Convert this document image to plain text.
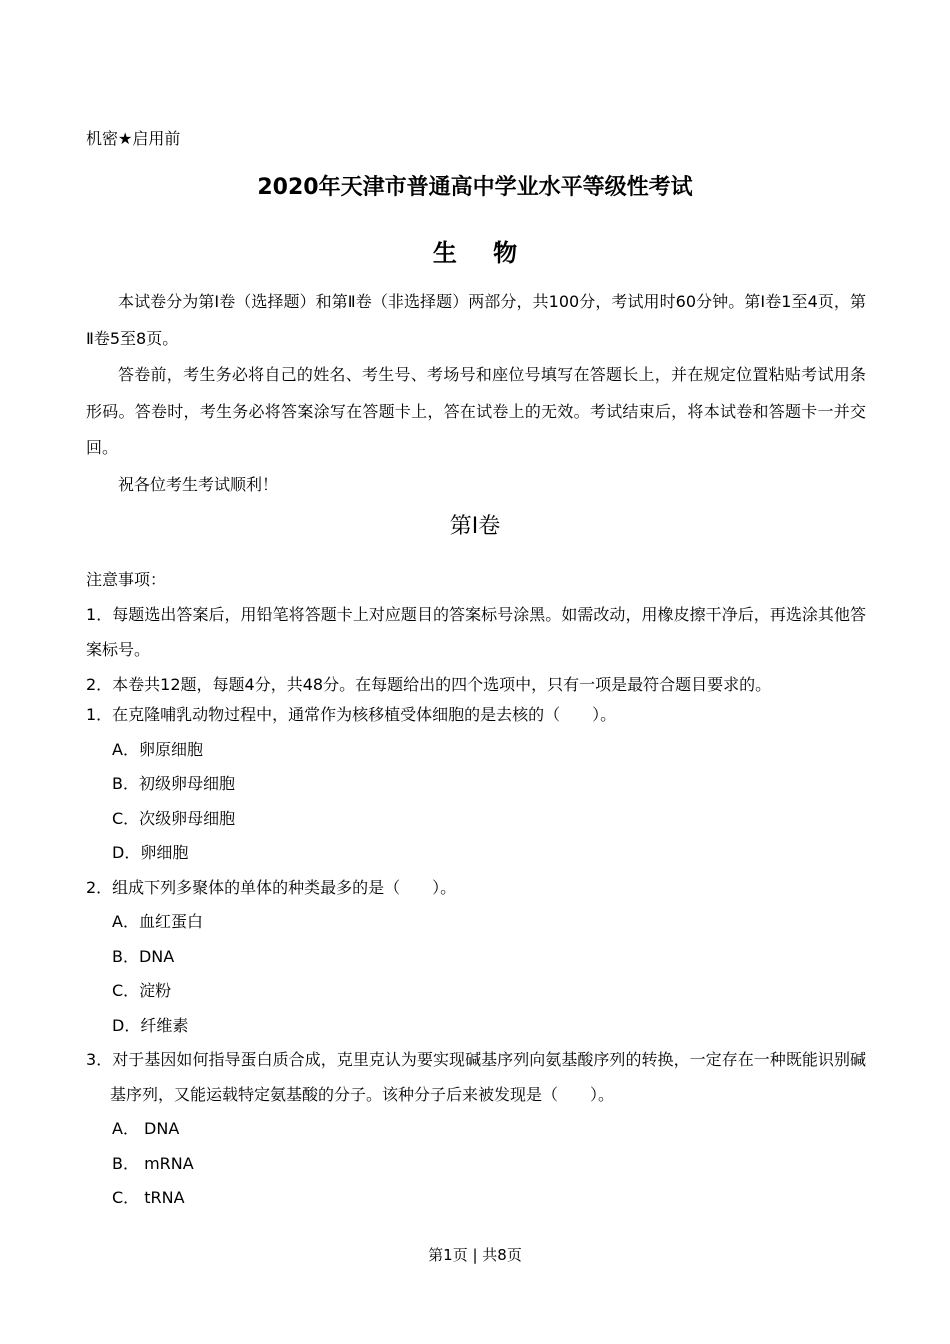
机密★启用前
2020年天津市普通高中学业水平等级性考试
生 物

本试卷分为第Ⅰ卷（选择题）和第Ⅱ卷（非选择题）两部分，共100分，考试用时60分钟。第Ⅰ卷1至4页，第Ⅱ卷5至8页。

答卷前，考生务必将自己的姓名、考生号、考场号和座位号填写在答题长上，并在规定位置粘贴考试用条形码。答卷时，考生务必将答案涂写在答题卡上，答在试卷上的无效。考试结束后，将本试卷和答题卡一并交回。

祝各位考生考试顺利！

第Ⅰ卷

注意事项：

1．每题选出答案后，用铅笔将答题卡上对应题目的答案标号涂黑。如需改动，用橡皮擦干净后，再选涂其他答案标号。

2．本卷共12题，每题4分，共48分。在每题给出的四个选项中，只有一项是最符合题目要求的。

1．在克隆哺乳动物过程中，通常作为核移植受体细胞的是去核的（　　）。

A．卵原细胞

B．初级卵母细胞

C．次级卵母细胞

D．卵细胞

2．组成下列多聚体的单体的种类最多的是（　　）。

A．血红蛋白

B．DNA

C．淀粉

D．纤维素

3．对于基因如何指导蛋白质合成，克里克认为要实现碱基序列向氨基酸序列的转换，一定存在一种既能识别碱基序列，又能运载特定氨基酸的分子。该种分子后来被发现是（　　）。

A． DNA

B． mRNA

C． tRNA

第1页 | 共8页
